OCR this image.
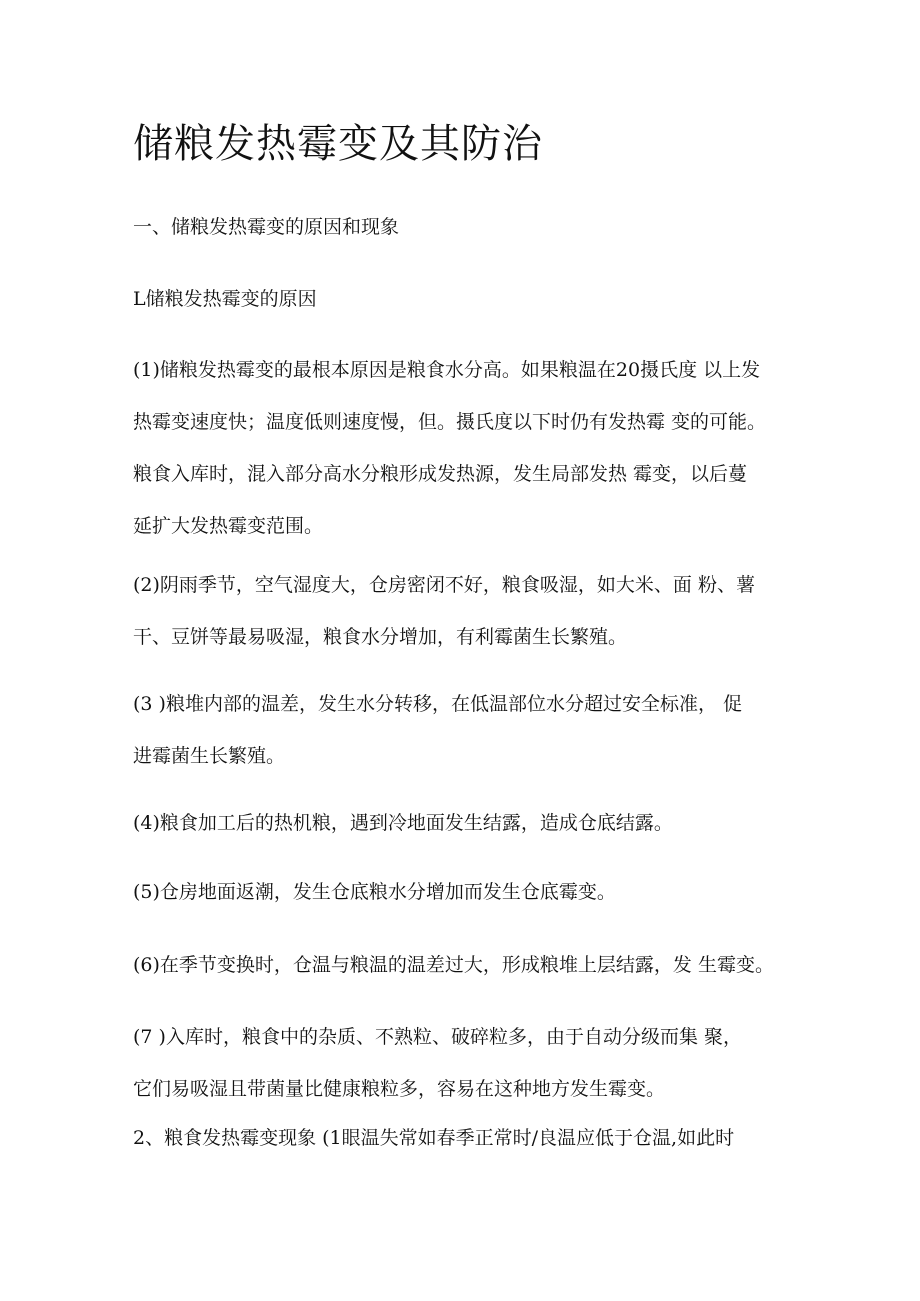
储粮发热霉变及其防治
一、储粮发热霉变的原因和现象
L储粮发热霉变的原因
(1)储粮发热霉变的最根本原因是粮食水分高。如果粮温在20摄氏度 以上发
热霉变速度快；温度低则速度慢，但。摄氏度以下时仍有发热霉 变的可能。
粮食入库时，混入部分高水分粮形成发热源，发生局部发热 霉变，以后蔓
延扩大发热霉变范围。
(2)阴雨季节，空气湿度大，仓房密闭不好，粮食吸湿，如大米、面 粉、薯
干、豆饼等最易吸湿，粮食水分增加，有利霉菌生长繁殖。
(3 )粮堆内部的温差，发生水分转移，在低温部位水分超过安全标准， 促
进霉菌生长繁殖。
(4)粮食加工后的热机粮，遇到冷地面发生结露，造成仓底结露。
(5)仓房地面返潮，发生仓底粮水分增加而发生仓底霉变。
(6)在季节变换时，仓温与粮温的温差过大，形成粮堆上层结露，发 生霉变。
(7 )入库时，粮食中的杂质、不熟粒、破碎粒多，由于自动分级而集 聚，
它们易吸湿且带菌量比健康粮粒多，容易在这种地方发生霉变。
2、粮食发热霉变现象 (1眼温失常如春季正常时/良温应低于仓温,如此时
